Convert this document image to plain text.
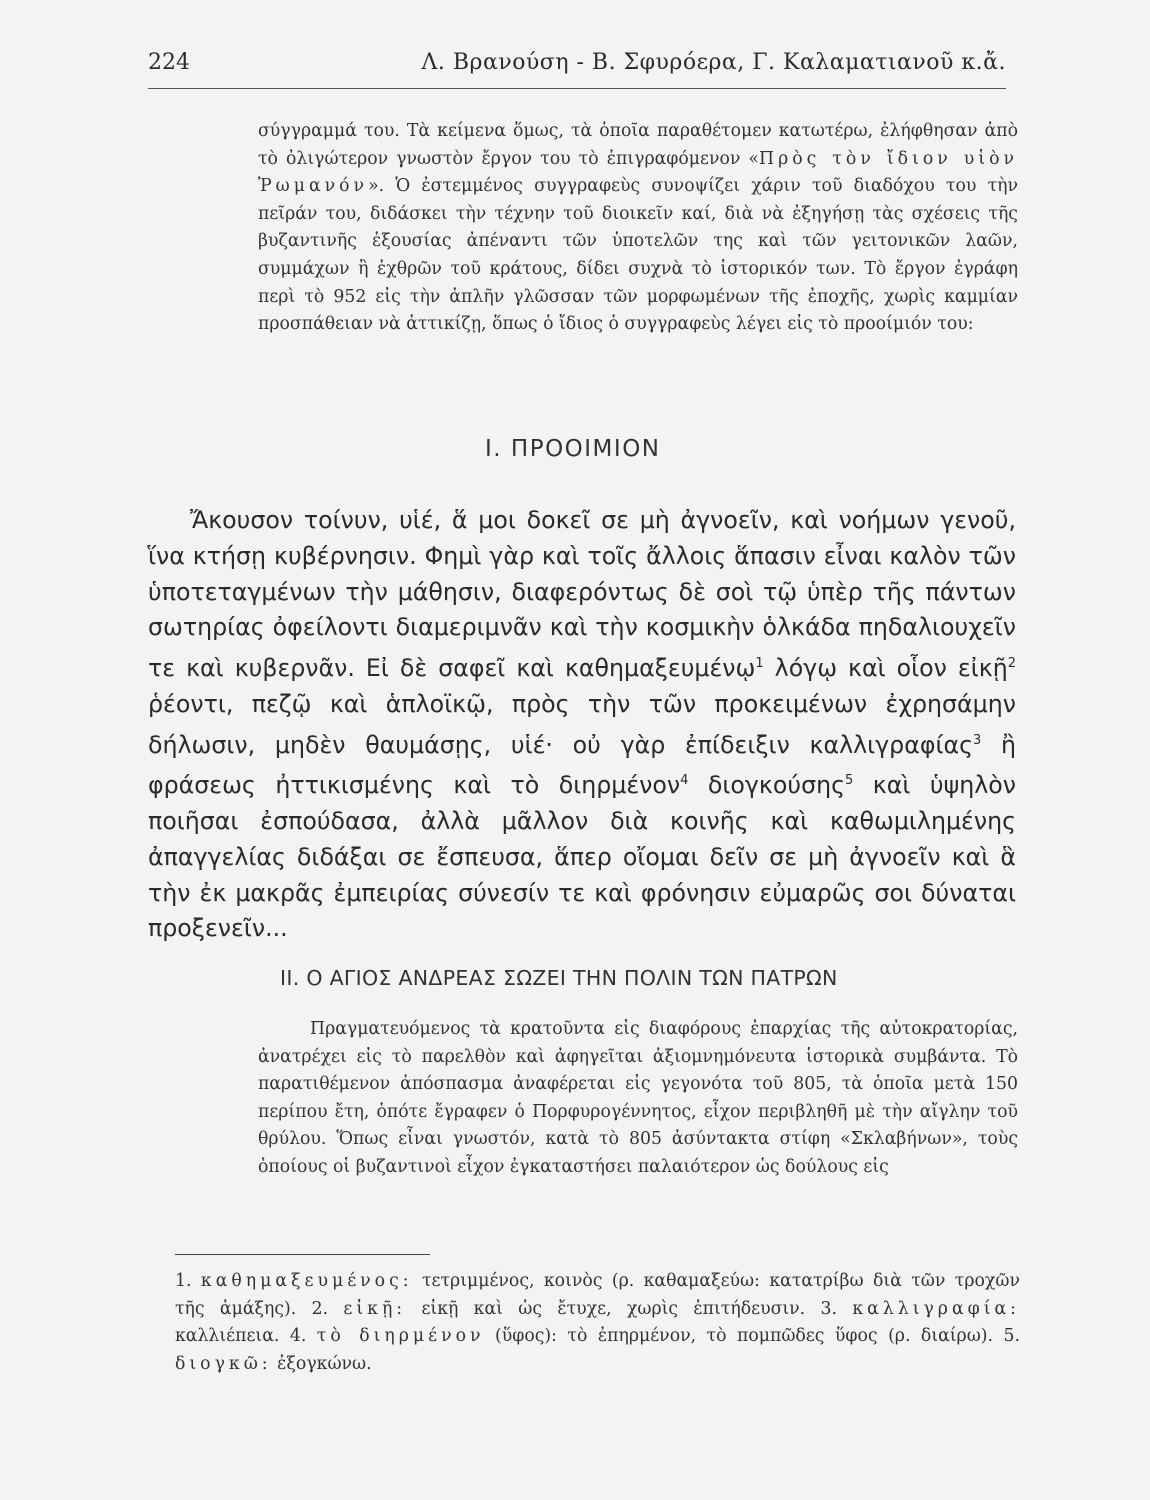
224	Λ. Βρανούση - Β. Σφυρόερα, Γ. Καλαματιανοῦ κ.ἄ.

σύγγραμμά του. Τὰ κείμενα ὅμως, τὰ ὁποῖα παραθέτομεν κατωτέρω, ἐλήφθησαν ἀπὸ τὸ ὀλιγώτερον γνωστὸν ἔργον του τὸ ἐπιγραφόμενον «Πρὸς τὸν ἴδιον υἱὸν Ῥωμανόν». Ὁ ἐστεμμένος συγγραφεὺς συνοψίζει χάριν τοῦ διαδόχου του τὴν πεῖράν του, διδάσκει τὴν τέχνην τοῦ διοικεῖν καί, διὰ νὰ ἐξηγήσῃ τὰς σχέσεις τῆς βυζαντινῆς ἐξουσίας ἀπέναντι τῶν ὑποτελῶν της καὶ τῶν γειτονικῶν λαῶν, συμμάχων ἢ ἐχθρῶν τοῦ κράτους, δίδει συχνὰ τὸ ἱστορικόν των. Τὸ ἔργον ἐγράφη περὶ τὸ 952 εἰς τὴν ἁπλῆν γλῶσσαν τῶν μορφωμένων τῆς ἐποχῆς, χωρὶς καμμίαν προσπάθειαν νὰ ἀττικίζῃ, ὅπως ὁ ἴδιος ὁ συγγραφεὺς λέγει εἰς τὸ προοίμιόν του:

Ι. ΠΡΟΟΙΜΙΟΝ

Ἄκουσον τοίνυν, υἱέ, ἅ μοι δοκεῖ σε μὴ ἀγνοεῖν, καὶ νοήμων γενοῦ, ἵνα κτήσῃ κυβέρνησιν. Φημὶ γὰρ καὶ τοῖς ἄλλοις ἅπασιν εἶναι καλὸν τῶν ὑποτεταγμένων τὴν μάθησιν, διαφερόντως δὲ σοὶ τῷ ὑπὲρ τῆς πάντων σωτηρίας ὀφείλοντι διαμεριμνᾶν καὶ τὴν κοσμικὴν ὁλκάδα πηδαλιουχεῖν τε καὶ κυβερνᾶν. Εἰ δὲ σαφεῖ καὶ καθημαξευμένῳ$^1$ λόγῳ καὶ οἷον εἰκῇ$^2$ ῥέοντι, πεζῷ καὶ ἁπλοϊκῷ, πρὸς τὴν τῶν προκειμένων ἐχρησάμην δήλωσιν, μηδὲν θαυμάσῃς, υἱέ· οὐ γὰρ ἐπίδειξιν καλλιγραφίας$^3$ ἢ φράσεως ἠττικισμένης καὶ τὸ διηρμένον$^4$ διογκούσης$^5$ καὶ ὑψηλὸν ποιῆσαι ἐσπούδασα, ἀλλὰ μᾶλλον διὰ κοινῆς καὶ καθωμιλημένης ἀπαγγελίας διδάξαι σε ἔσπευσα, ἅπερ οἴομαι δεῖν σε μὴ ἀγνοεῖν καὶ ἃ τὴν ἐκ μακρᾶς ἐμπειρίας σύνεσίν τε καὶ φρόνησιν εὐμαρῶς σοι δύναται προξενεῖν...

ΙΙ. Ο ΑΓΙΟΣ ΑΝΔΡΕΑΣ ΣΩΖΕΙ ΤΗΝ ΠΟΛΙΝ ΤΩΝ ΠΑΤΡΩΝ

Πραγματευόμενος τὰ κρατοῦντα εἰς διαφόρους ἐπαρχίας τῆς αὐτοκρατορίας, ἀνατρέχει εἰς τὸ παρελθὸν καὶ ἀφηγεῖται ἀξιομνημόνευτα ἱστορικὰ συμβάντα. Τὸ παρατιθέμενον ἀπόσπασμα ἀναφέρεται εἰς γεγονότα τοῦ 805, τὰ ὁποῖα μετὰ 150 περίπου ἔτη, ὁπότε ἔγραφεν ὁ Πορφυρογέννητος, εἶχον περιβληθῆ μὲ τὴν αἴγλην τοῦ θρύλου. Ὅπως εἶναι γνωστόν, κατὰ τὸ 805 ἀσύντακτα στίφη «Σκλαβήνων», τοὺς ὁποίους οἱ βυζαντινοὶ εἶχον ἐγκαταστήσει παλαιότερον ὡς δούλους εἰς

1. καθημαξευμένος: τετριμμένος, κοινὸς (ρ. καθαμαξεύω: κατατρίβω διὰ τῶν τροχῶν τῆς ἁμάξης). 2. εἰκῇ: εἰκῇ καὶ ὡς ἔτυχε, χωρὶς ἐπιτήδευσιν. 3. καλλιγραφία: καλλιέπεια. 4. τὸ διηρμένον (ὕφος): τὸ ἐπηρμένον, τὸ πομπῶδες ὕφος (ρ. διαίρω). 5. διογκῶ: ἐξογκώνω.
